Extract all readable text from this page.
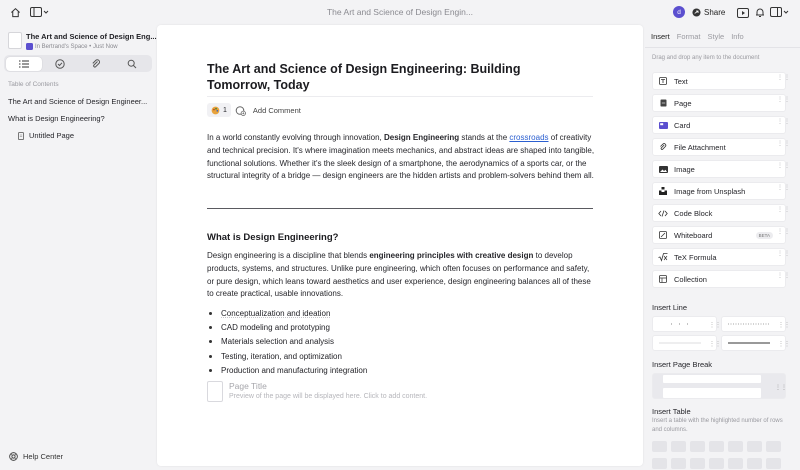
The Art and Science of Design Engin...	d	Share
The Art and Science of Design Eng...
In Bertrand's Space • Just Now
Table of Contents
The Art and Science of Design Engineer...
What is Design Engineering?
Untitled Page
Help Center
The Art and Science of Design Engineering: Building Tomorrow, Today
1	Add Comment

In a world constantly evolving through innovation, Design Engineering stands at the crossroads of creativity and technical precision. It's where imagination meets mechanics, and abstract ideas are shaped into tangible, functional solutions. Whether it's the sleek design of a smartphone, the aerodynamics of a sports car, or the structural integrity of a bridge — design engineers are the hidden artists and problem-solvers behind them all.

What is Design Engineering?

Design engineering is a discipline that blends engineering principles with creative design to develop products, systems, and structures. Unlike pure engineering, which often focuses on performance and safety, or pure design, which leans toward aesthetics and user experience, design engineering balances all of these to create practical, usable innovations.

Conceptualization and ideation
CAD modeling and prototyping
Materials selection and analysis
Testing, iteration, and optimization
Production and manufacturing integration
Page Title
Preview of the page will be displayed here. Click to add content.
Insert Format Style Info
Drag and drop any item to the document
Text	⋮⋮
Page	⋮⋮
Card	⋮⋮
File Attachment	⋮⋮
Image	⋮⋮
Image from Unsplash	⋮⋮
Code Block	⋮⋮
Whiteboard	BETA	⋮⋮
TeX Formula	⋮⋮
Collection	⋮⋮
Insert Line
⋮⋮	⋮⋮
⋮⋮	⋮⋮
Insert Page Break
⋮⋮
Insert Table
Insert a table with the highlighted number of rows and columns.
